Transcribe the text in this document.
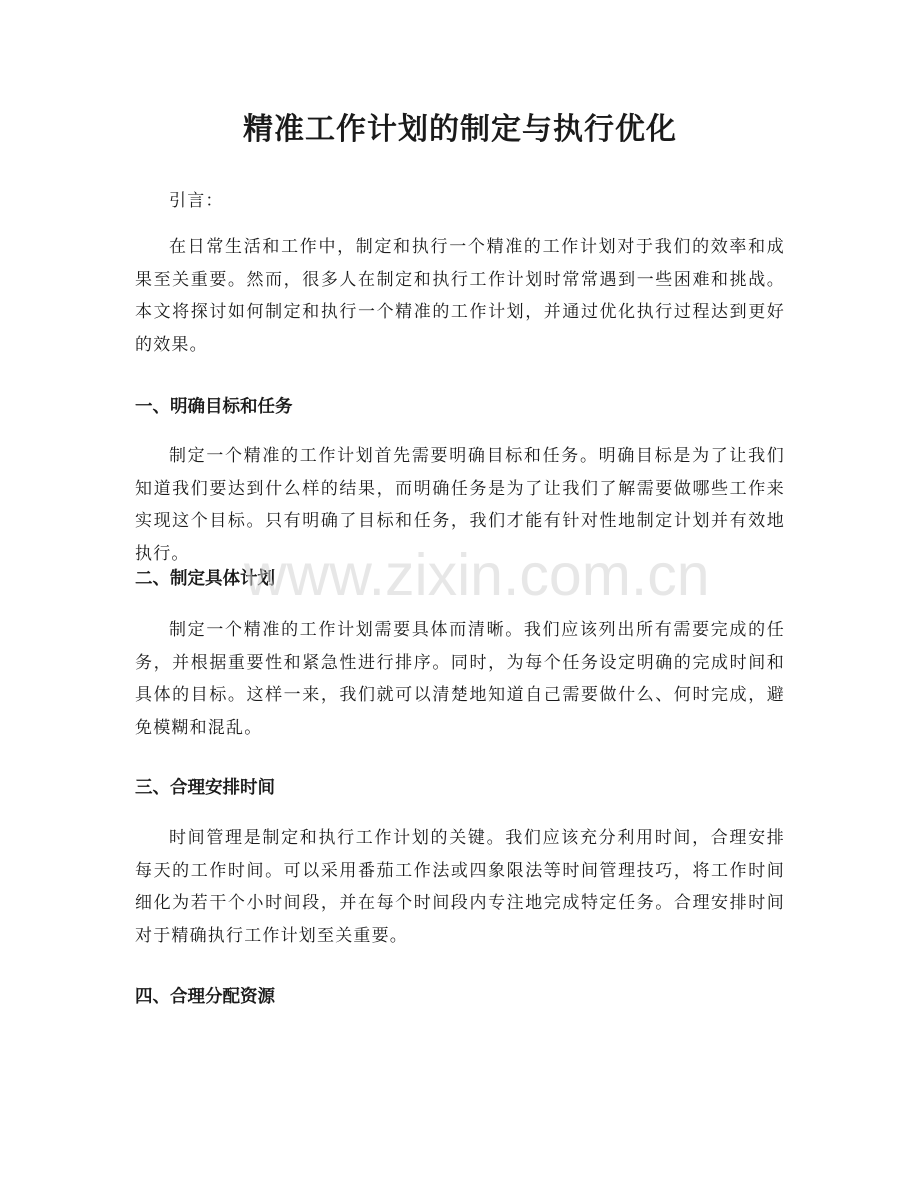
精准工作计划的制定与执行优化

引言：

在日常生活和工作中，制定和执行一个精准的工作计划对于我们的效率和成果至关重要。然而，很多人在制定和执行工作计划时常常遇到一些困难和挑战。本文将探讨如何制定和执行一个精准的工作计划，并通过优化执行过程达到更好的效果。

一、明确目标和任务

制定一个精准的工作计划首先需要明确目标和任务。明确目标是为了让我们知道我们要达到什么样的结果，而明确任务是为了让我们了解需要做哪些工作来实现这个目标。只有明确了目标和任务，我们才能有针对性地制定计划并有效地执行。

二、制定具体计划

制定一个精准的工作计划需要具体而清晰。我们应该列出所有需要完成的任务，并根据重要性和紧急性进行排序。同时，为每个任务设定明确的完成时间和具体的目标。这样一来，我们就可以清楚地知道自己需要做什么、何时完成，避免模糊和混乱。

三、合理安排时间

时间管理是制定和执行工作计划的关键。我们应该充分利用时间，合理安排每天的工作时间。可以采用番茄工作法或四象限法等时间管理技巧，将工作时间细化为若干个小时间段，并在每个时间段内专注地完成特定任务。合理安排时间对于精确执行工作计划至关重要。

四、合理分配资源
www.zixin.com.cn
